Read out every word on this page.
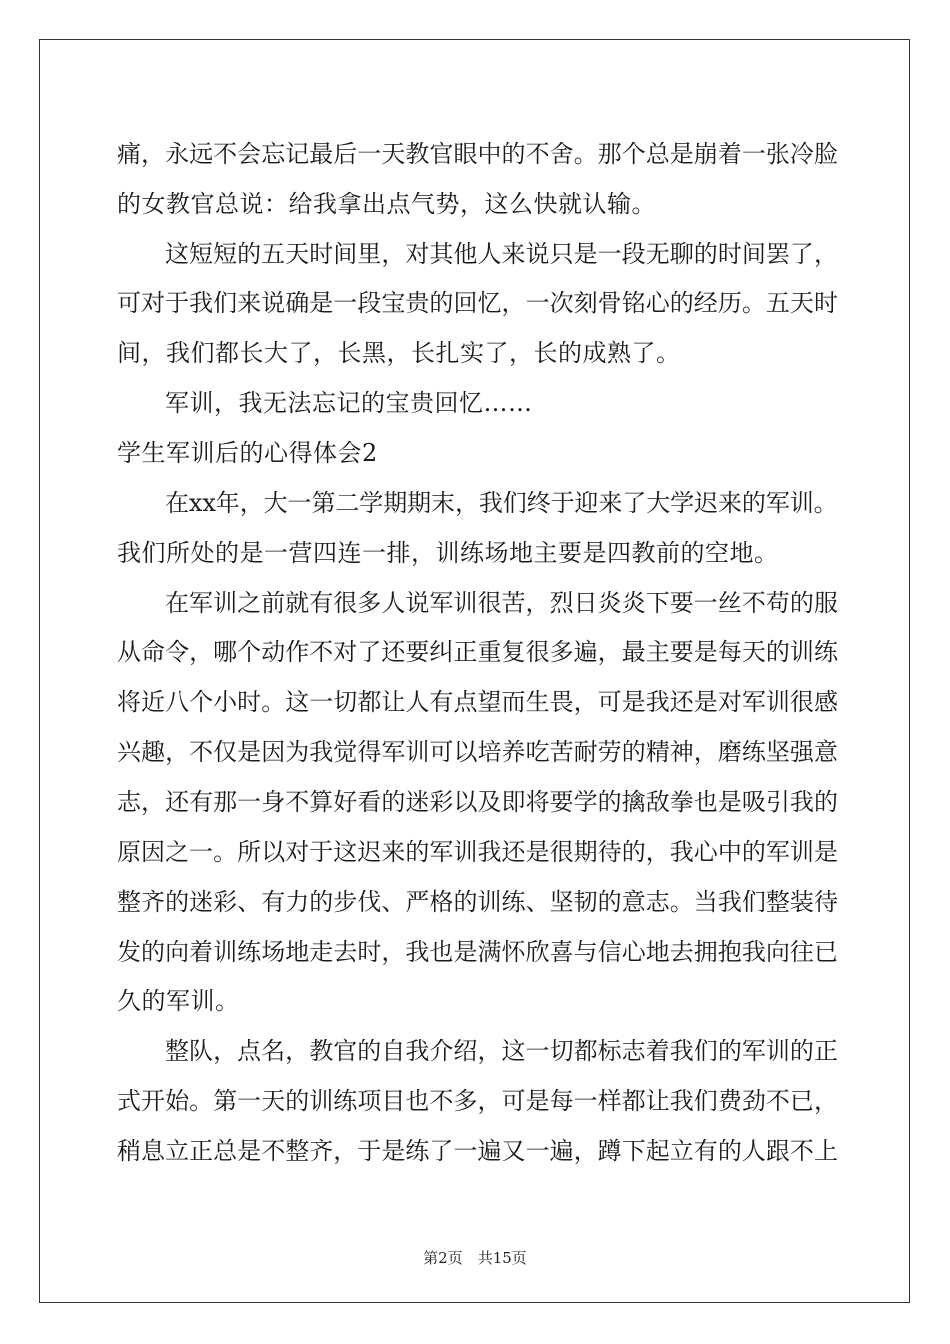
痛，永远不会忘记最后一天教官眼中的不舍。那个总是崩着一张冷脸
的女教官总说：给我拿出点气势，这么快就认输。
这短短的五天时间里，对其他人来说只是一段无聊的时间罢了，
可对于我们来说确是一段宝贵的回忆，一次刻骨铭心的经历。五天时
间，我们都长大了，长黑，长扎实了，长的成熟了。
军训，我无法忘记的宝贵回忆……
学生军训后的心得体会2
在xx年，大一第二学期期末，我们终于迎来了大学迟来的军训。
我们所处的是一营四连一排，训练场地主要是四教前的空地。
在军训之前就有很多人说军训很苦，烈日炎炎下要一丝不苟的服
从命令，哪个动作不对了还要纠正重复很多遍，最主要是每天的训练
将近八个小时。这一切都让人有点望而生畏，可是我还是对军训很感
兴趣，不仅是因为我觉得军训可以培养吃苦耐劳的精神，磨练坚强意
志，还有那一身不算好看的迷彩以及即将要学的擒敌拳也是吸引我的
原因之一。所以对于这迟来的军训我还是很期待的，我心中的军训是
整齐的迷彩、有力的步伐、严格的训练、坚韧的意志。当我们整装待
发的向着训练场地走去时，我也是满怀欣喜与信心地去拥抱我向往已
久的军训。
整队，点名，教官的自我介绍，这一切都标志着我们的军训的正
式开始。第一天的训练项目也不多，可是每一样都让我们费劲不已，
稍息立正总是不整齐，于是练了一遍又一遍，蹲下起立有的人跟不上
第2页　共15页
